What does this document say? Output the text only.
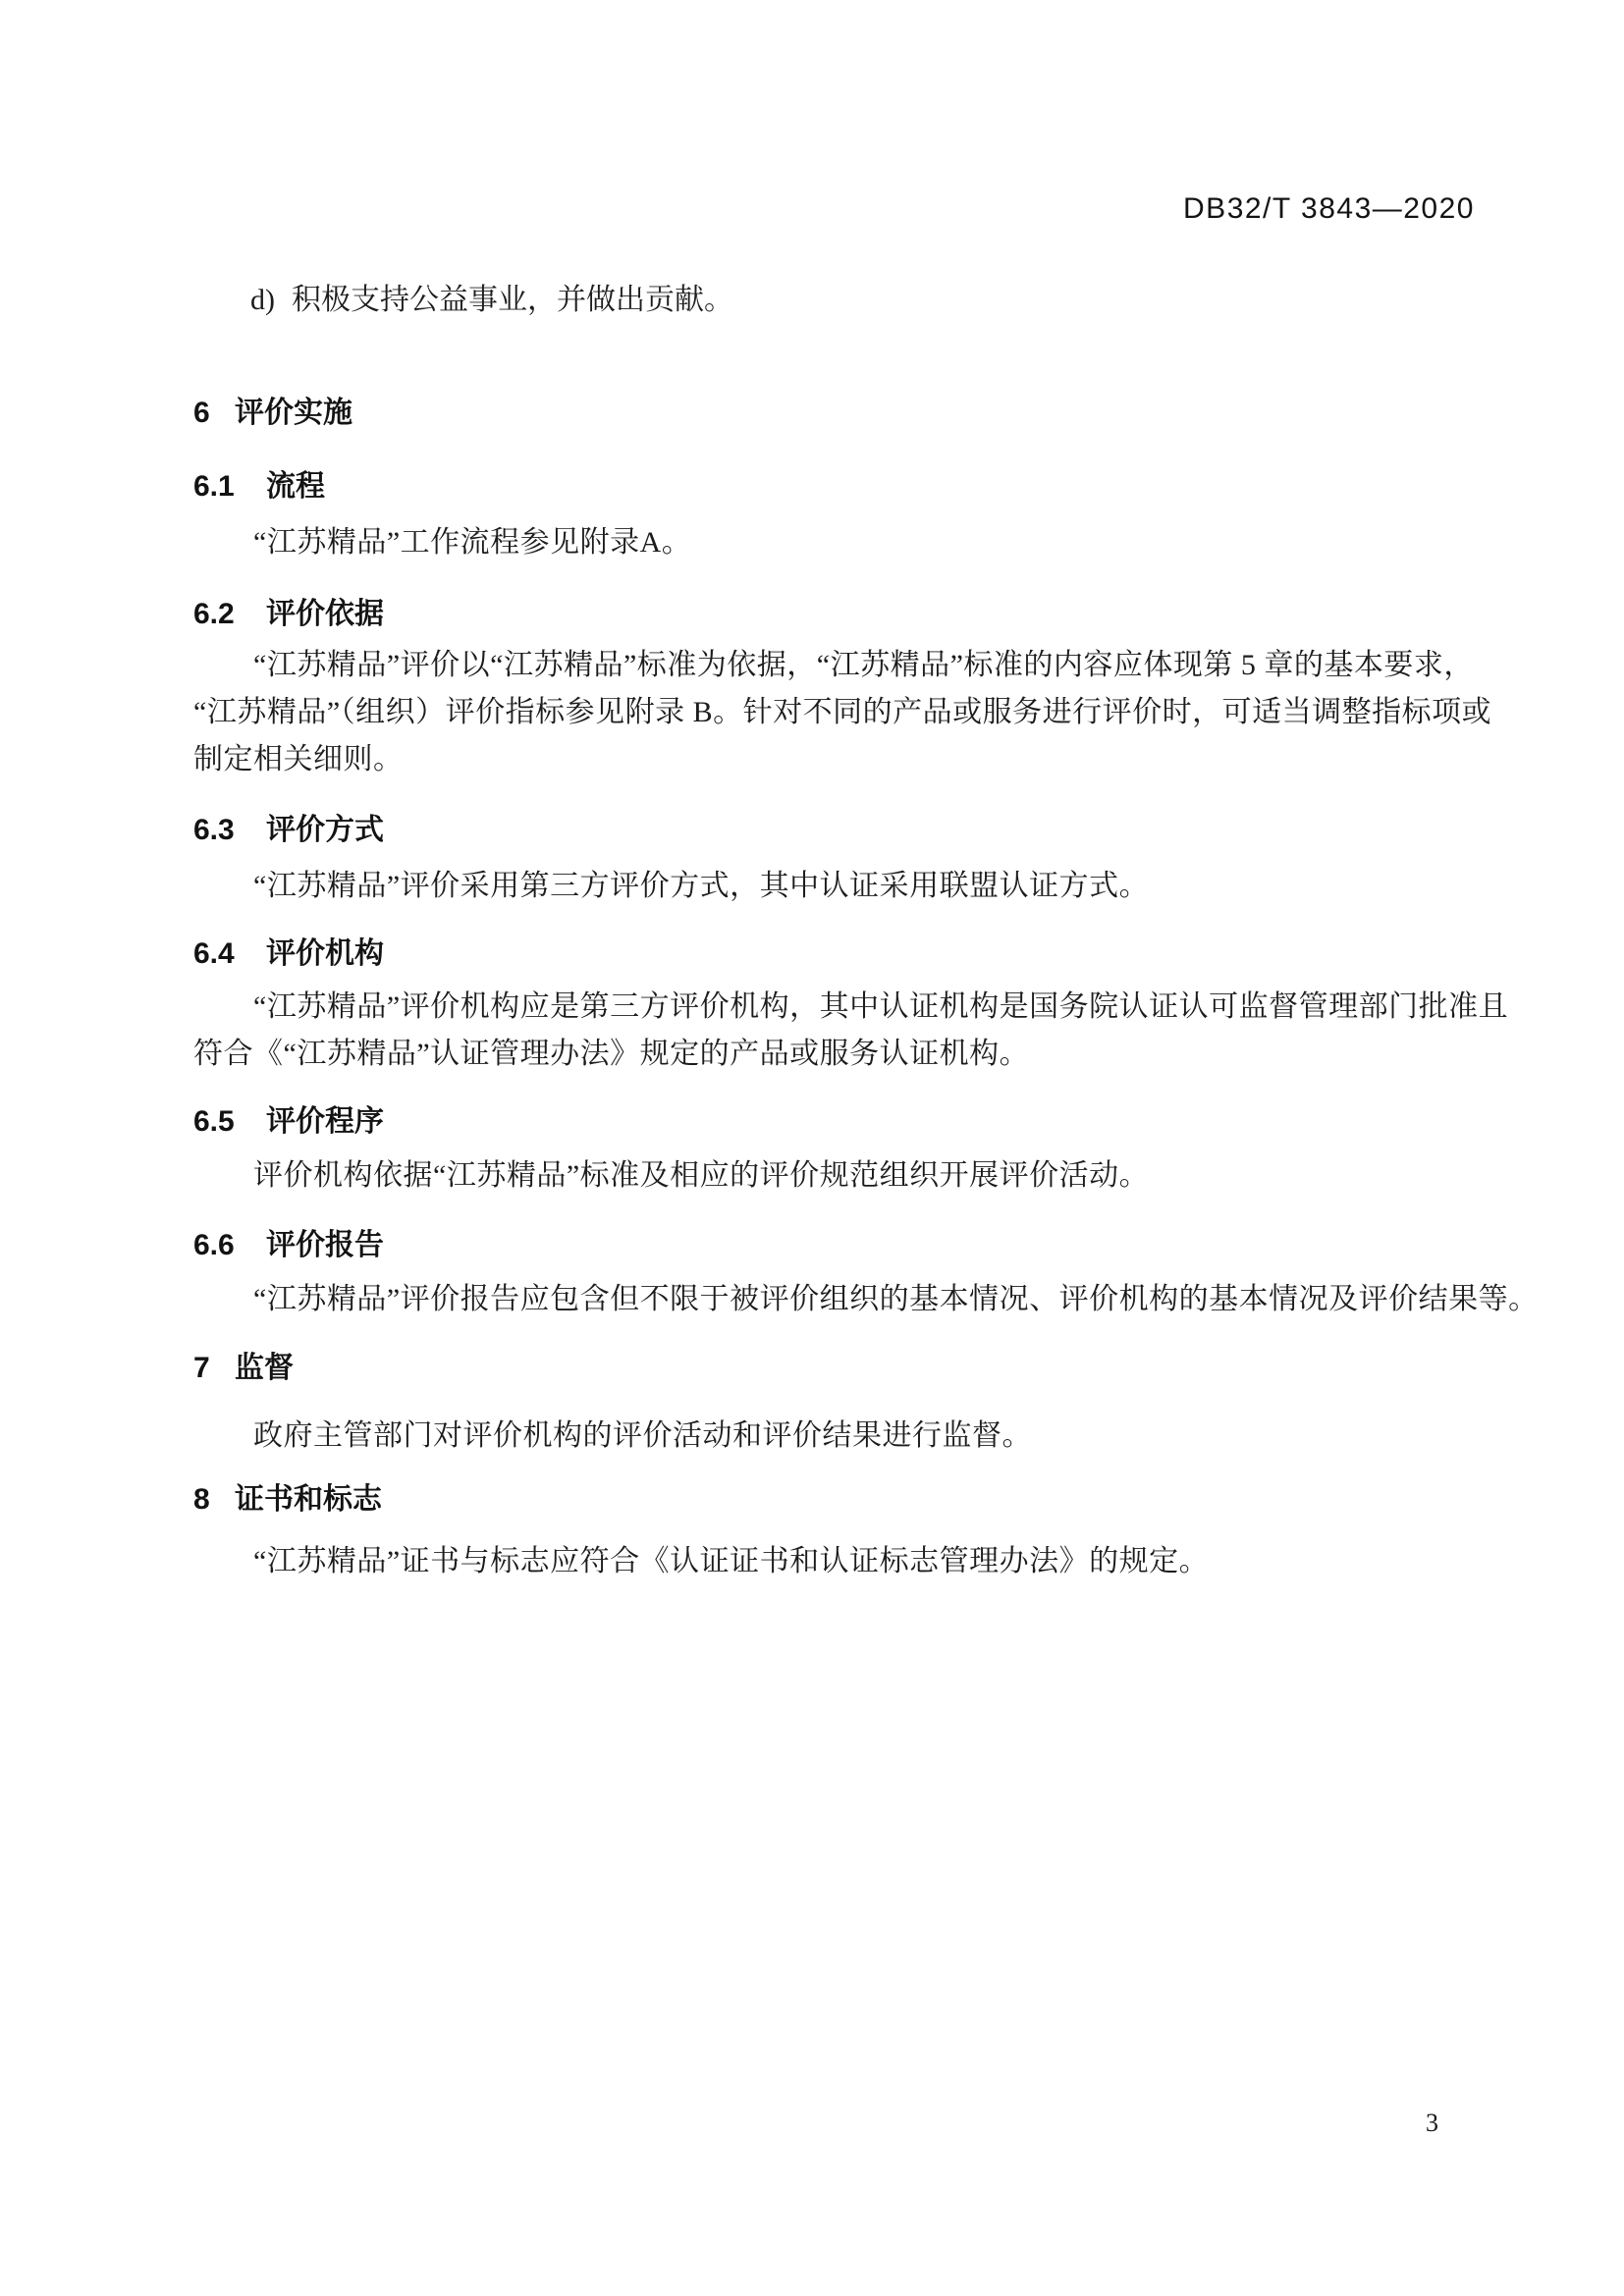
DB32/T 3843—2020
d) 积极支持公益事业，并做出贡献。
6 评价实施
6.1 流程
“江苏精品”工作流程参见附录A。
6.2 评价依据
“江苏精品”评价以“江苏精品”标准为依据，“江苏精品”标准的内容应体现第 5 章的基本要求，
“江苏精品”（组织）评价指标参见附录 B。针对不同的产品或服务进行评价时，可适当调整指标项或
制定相关细则。
6.3 评价方式
“江苏精品”评价采用第三方评价方式，其中认证采用联盟认证方式。
6.4 评价机构
“江苏精品”评价机构应是第三方评价机构，其中认证机构是国务院认证认可监督管理部门批准且
符合《“江苏精品”认证管理办法》规定的产品或服务认证机构。
6.5 评价程序
评价机构依据“江苏精品”标准及相应的评价规范组织开展评价活动。
6.6 评价报告
“江苏精品”评价报告应包含但不限于被评价组织的基本情况、评价机构的基本情况及评价结果等。
7 监督
政府主管部门对评价机构的评价活动和评价结果进行监督。
8 证书和标志
“江苏精品”证书与标志应符合《认证证书和认证标志管理办法》的规定。
3
